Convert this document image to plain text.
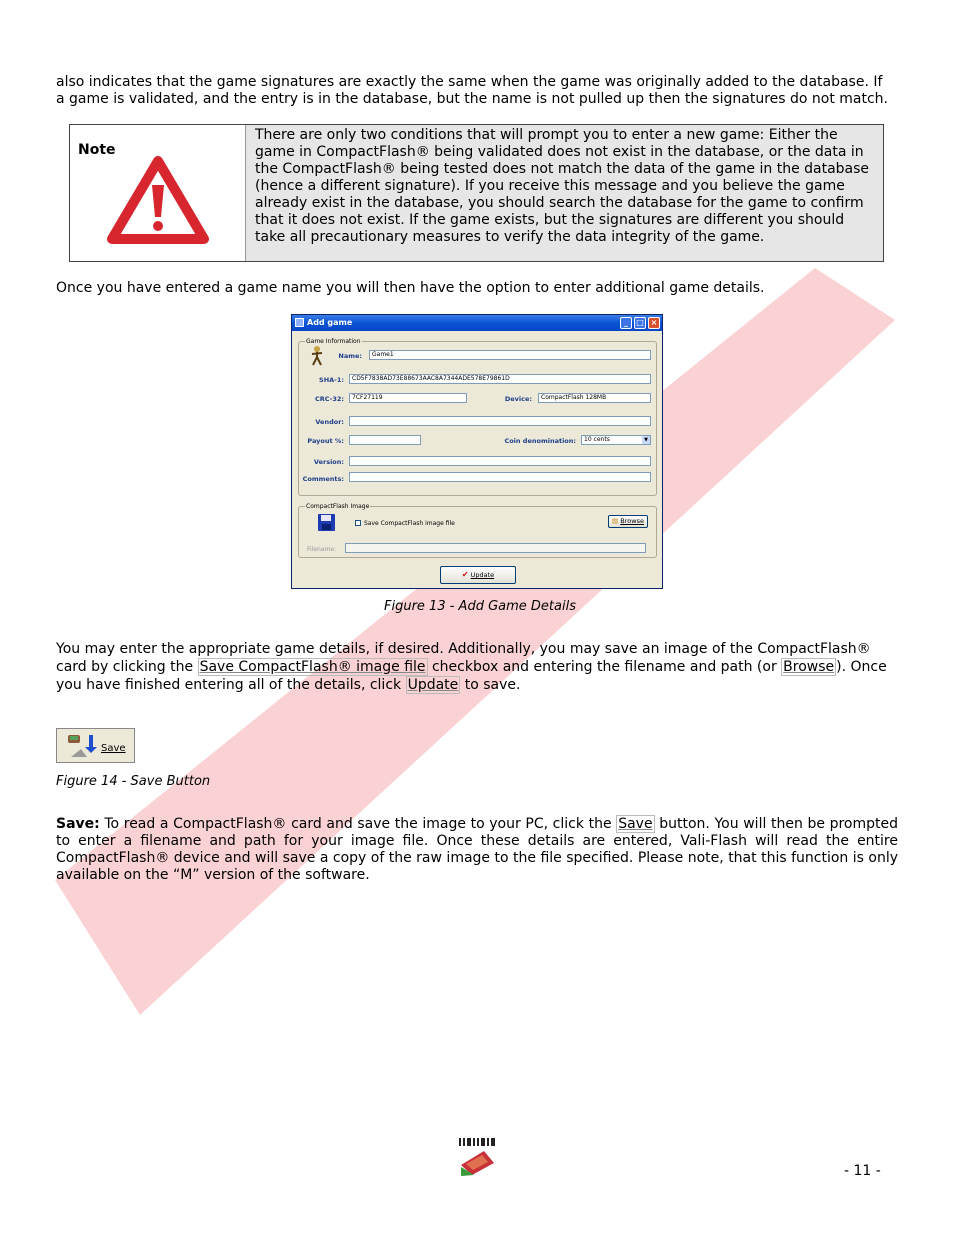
also indicates that the game signatures are exactly the same when the game was originally added to the database. If
a game is validated, and the entry is in the database, but the name is not pulled up then the signatures do not match.

Note
There are only two conditions that will prompt you to enter a new game: Either the game in CompactFlash® being validated does not exist in the database, or the data in the CompactFlash® being tested does not match the data of the game in the database (hence a different signature). If you receive this message and you believe the game already exist in the database, you should search the database for the game to confirm that it does not exist. If the game exists, but the signatures are different you should take all precautionary measures to verify the data integrity of the game.

Once you have entered a game name you will then have the option to enter additional game details.

Add game	_	□ ×
Game Information
Name:	Game1
SHA-1:	CD5F7838AD73E88673AAC8A7344ADE578E79861D
CRC-32:	7CF27119	Device:	CompactFlash 128MB
Vendor:
Payout %:	Coin denomination:	10 cents	▼
Version:
Comments:
CompactFlash Image
Save CompactFlash image file	▤ Browse
Filename:
✔ Update
Figure 13 - Add Game Details

You may enter the appropriate game details, if desired. Additionally, you may save an image of the CompactFlash® card by clicking the Save CompactFlash® image file checkbox and entering the filename and path (or Browse ). Once you have finished entering all of the details, click Update to save.

Save
Figure 14 - Save Button

Save: To read a CompactFlash® card and save the image to your PC, click the Save button. You will then be prompted to enter a filename and path for your image file. Once these details are entered, Vali-Flash will read the entire CompactFlash® device and will save a copy of the raw image to the file specified. Please note, that this function is only available on the “M” version of the software.

- 11 -
